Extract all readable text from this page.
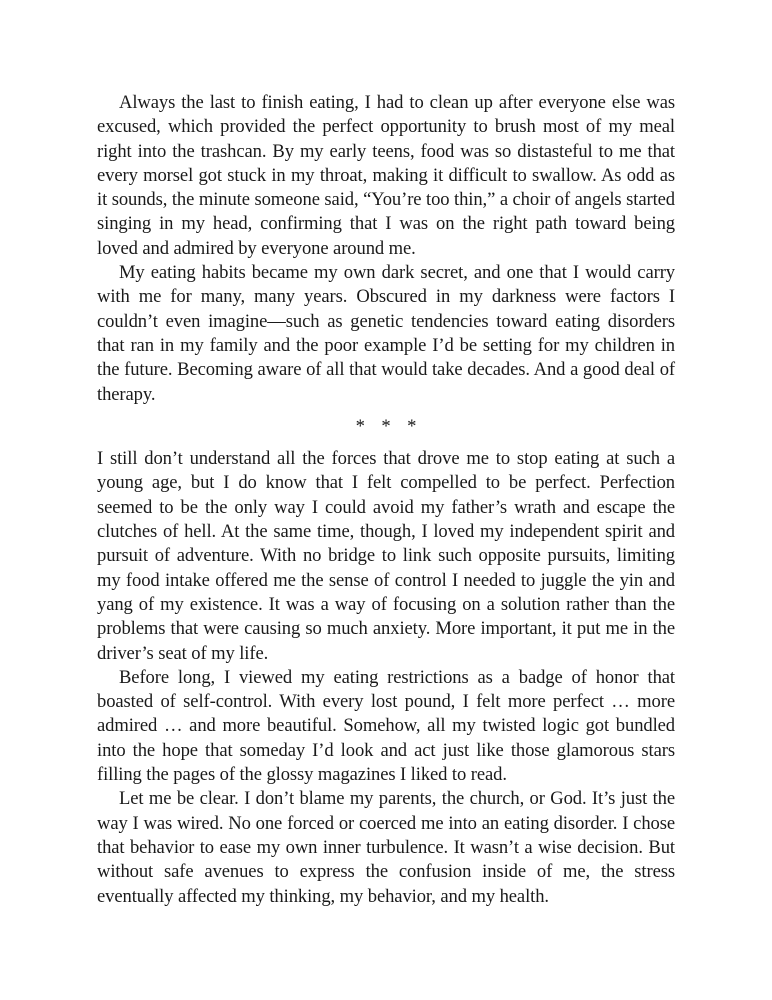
Always the last to finish eating, I had to clean up after everyone else was excused, which provided the perfect opportunity to brush most of my meal right into the trashcan. By my early teens, food was so distasteful to me that every morsel got stuck in my throat, making it difficult to swallow. As odd as it sounds, the minute someone said, “You’re too thin,” a choir of angels started singing in my head, confirming that I was on the right path toward being loved and admired by everyone around me.

My eating habits became my own dark secret, and one that I would carry with me for many, many years. Obscured in my darkness were factors I couldn’t even imagine—such as genetic tendencies toward eating disorders that ran in my family and the poor example I’d be setting for my children in the future. Becoming aware of all that would take decades. And a good deal of therapy.

* * *

I still don’t understand all the forces that drove me to stop eating at such a young age, but I do know that I felt compelled to be perfect. Perfection seemed to be the only way I could avoid my father’s wrath and escape the clutches of hell. At the same time, though, I loved my independent spirit and pursuit of adventure. With no bridge to link such opposite pursuits, limiting my food intake offered me the sense of control I needed to juggle the yin and yang of my existence. It was a way of focusing on a solution rather than the problems that were causing so much anxiety. More important, it put me in the driver’s seat of my life.

Before long, I viewed my eating restrictions as a badge of honor that boasted of self-control. With every lost pound, I felt more perfect … more admired … and more beautiful. Somehow, all my twisted logic got bundled into the hope that someday I’d look and act just like those glamorous stars filling the pages of the glossy magazines I liked to read.

Let me be clear. I don’t blame my parents, the church, or God. It’s just the way I was wired. No one forced or coerced me into an eating disorder. I chose that behavior to ease my own inner turbulence. It wasn’t a wise decision. But without safe avenues to express the confusion inside of me, the stress eventually affected my thinking, my behavior, and my health.
